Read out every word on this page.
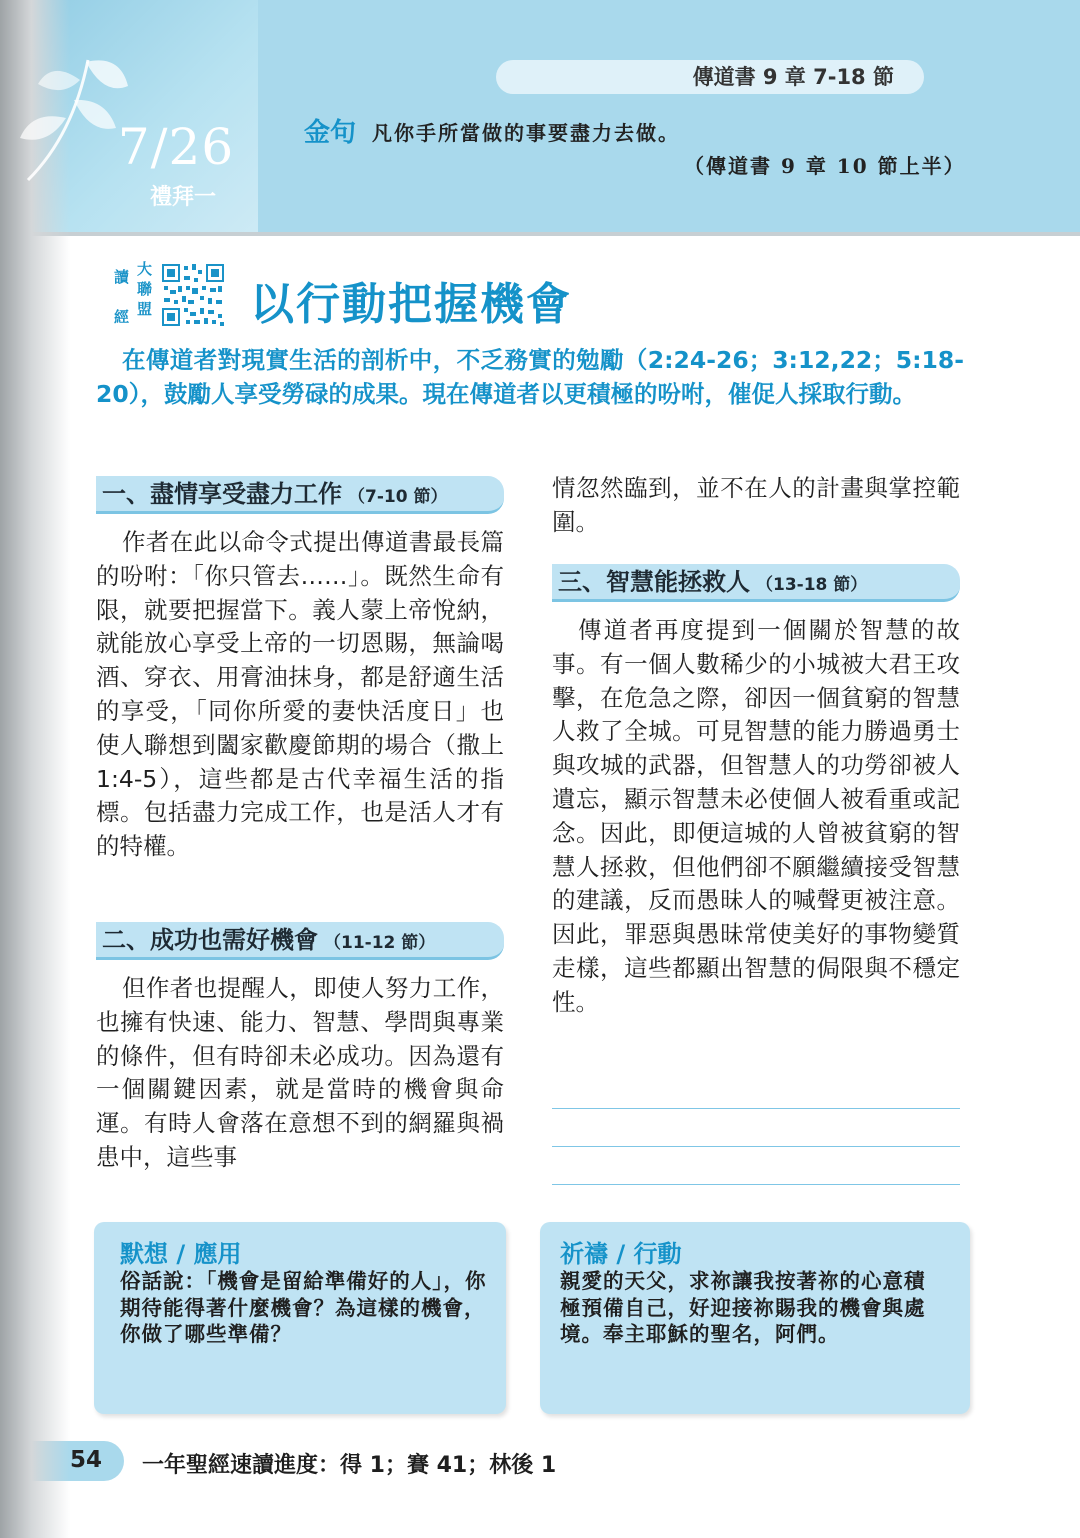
7/26
禮拜一
傳道書 9 章 7-18 節
金句 凡你手所當做的事要盡力去做。
（傳道書 9 章 10 節上半）
讀 大
聯
經 盟 以行動把握機會
在傳道者對現實生活的剖析中，不乏務實的勉勵（2:24-26；3:12,22；5:18-20），鼓勵人享受勞碌的成果。現在傳道者以更積極的吩咐，催促人採取行動。
一、盡情享受盡力工作 （7-10 節）
作者在此以命令式提出傳道書最長篇的吩咐：「你只管去……」。既然生命有限，就要把握當下。義人蒙上帝悅納，就能放心享受上帝的一切恩賜，無論喝酒、穿衣、用膏油抹身，都是舒適生活的享受，「同你所愛的妻快活度日」也使人聯想到闔家歡慶節期的場合（撒上 1:4-5），這些都是古代幸福生活的指標。包括盡力完成工作，也是活人才有的特權。
二、成功也需好機會 （11-12 節）
但作者也提醒人，即使人努力工作，也擁有快速、能力、智慧、學問與專業的條件，但有時卻未必成功。因為還有一個關鍵因素，就是當時的機會與命運。有時人會落在意想不到的網羅與禍患中，這些事
情忽然臨到，並不在人的計畫與掌控範圍。
三、智慧能拯救人 （13-18 節）
傳道者再度提到一個關於智慧的故事。有一個人數稀少的小城被大君王攻擊，在危急之際，卻因一個貧窮的智慧人救了全城。可見智慧的能力勝過勇士與攻城的武器，但智慧人的功勞卻被人遺忘，顯示智慧未必使個人被看重或記念。因此，即便這城的人曾被貧窮的智慧人拯救，但他們卻不願繼續接受智慧的建議，反而愚昧人的喊聲更被注意。因此，罪惡與愚昧常使美好的事物變質走樣，這些都顯出智慧的侷限與不穩定性。
默想 / 應用
俗話說：「機會是留給準備好的人」，你期待能得著什麼機會？為這樣的機會，你做了哪些準備？
祈禱 / 行動
親愛的天父，求祢讓我按著祢的心意積極預備自己，好迎接祢賜我的機會與處境。奉主耶穌的聖名，阿們。
54 一年聖經速讀進度：得 1；賽 41；林後 1
